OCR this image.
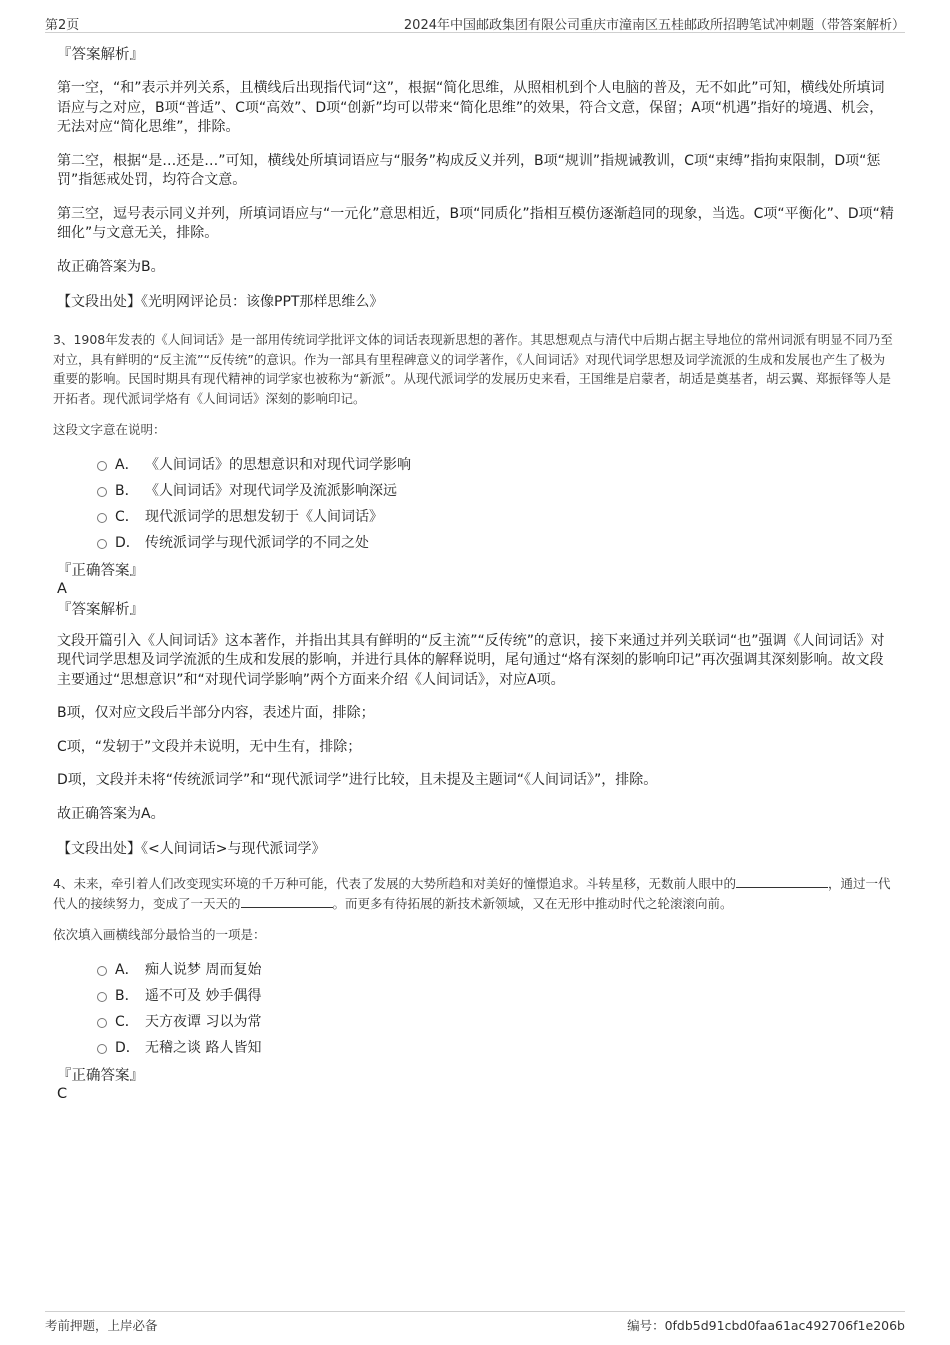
第2页	2024年中国邮政集团有限公司重庆市潼南区五桂邮政所招聘笔试冲刺题（带答案解析）

『答案解析』

第一空，“和”表示并列关系，且横线后出现指代词“这”，根据“简化思维，从照相机到个人电脑的普及，无不如此”可知，横线处所填词语应与之对应，B项“普适”、C项“高效”、D项“创新”均可以带来“简化思维”的效果，符合文意，保留；A项“机遇”指好的境遇、机会，无法对应“简化思维”，排除。

第二空，根据“是…还是…”可知，横线处所填词语应与“服务”构成反义并列，B项“规训”指规诫教训，C项“束缚”指拘束限制，D项“惩罚”指惩戒处罚，均符合文意。

第三空，逗号表示同义并列，所填词语应与“一元化”意思相近，B项“同质化”指相互模仿逐渐趋同的现象，当选。C项“平衡化”、D项“精细化”与文意无关，排除。

故正确答案为B。

【文段出处】《光明网评论员：该像PPT那样思维么》

3、1908年发表的《人间词话》是一部用传统词学批评文体的词话表现新思想的著作。其思想观点与清代中后期占据主导地位的常州词派有明显不同乃至对立，具有鲜明的“反主流”“反传统”的意识。作为一部具有里程碑意义的词学著作，《人间词话》对现代词学思想及词学流派的生成和发展也产生了极为重要的影响。民国时期具有现代精神的词学家也被称为“新派”。从现代派词学的发展历史来看，王国维是启蒙者，胡适是奠基者，胡云翼、郑振铎等人是开拓者。现代派词学烙有《人间词话》深刻的影响印记。

这段文字意在说明：

A． 《人间词话》的思想意识和对现代词学影响
B． 《人间词话》对现代词学及流派影响深远
C． 现代派词学的思想发轫于《人间词话》
D． 传统派词学与现代派词学的不同之处

『正确答案』

A

『答案解析』

文段开篇引入《人间词话》这本著作，并指出其具有鲜明的“反主流”“反传统”的意识，接下来通过并列关联词“也”强调《人间词话》对现代词学思想及词学流派的生成和发展的影响，并进行具体的解释说明，尾句通过“烙有深刻的影响印记”再次强调其深刻影响。故文段主要通过“思想意识”和“对现代词学影响”两个方面来介绍《人间词话》，对应A项。

B项，仅对应文段后半部分内容，表述片面，排除；

C项，“发轫于”文段并未说明，无中生有，排除；

D项，文段并未将“传统派词学”和“现代派词学”进行比较，且未提及主题词“《人间词话》”，排除。

故正确答案为A。

【文段出处】《<人间词话>与现代派词学》

4、未来，牵引着人们改变现实环境的千万种可能，代表了发展的大势所趋和对美好的憧憬追求。斗转星移，无数前人眼中的	，通过一代代人的接续努力，变成了一天天的	。而更多有待拓展的新技术新领域，又在无形中推动时代之轮滚滚向前。

依次填入画横线部分最恰当的一项是：

A． 痴人说梦 周而复始
B． 遥不可及 妙手偶得
C． 天方夜谭 习以为常
D． 无稽之谈 路人皆知

『正确答案』

C

考前押题，上岸必备	编号：0fdb5d91cbd0faa61ac492706f1e206b
